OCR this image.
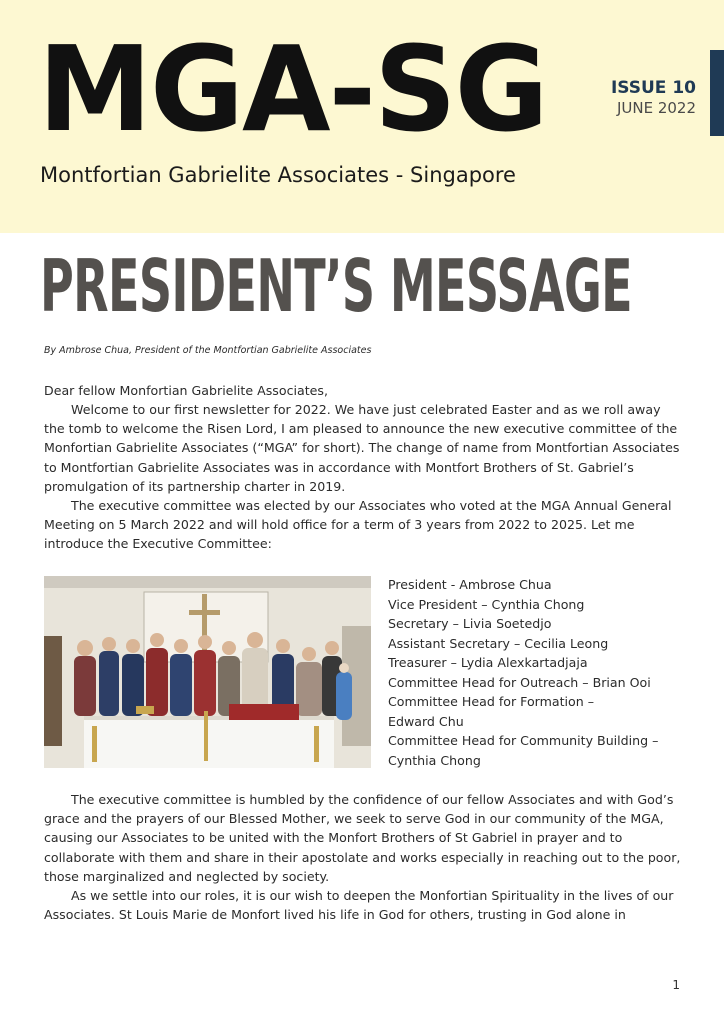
MGA-SG

Montfortian Gabrielite Associates - Singapore

ISSUE 10
JUNE 2022
PRESIDENT’S MESSAGE

By Ambrose Chua, President of the Montfortian Gabrielite Associates

Dear fellow Monfortian Gabrielite Associates,

Welcome to our first newsletter for 2022. We have just celebrated Easter and as we roll away the tomb to welcome the Risen Lord, I am pleased to announce the new executive committee of the Monfortian Gabrielite Associates (“MGA” for short). The change of name from Montfortian Associates to Montfortian Gabrielite Associates was in accordance with Montfort Brothers of St. Gabriel’s promulgation of its partnership charter in 2019.

The executive committee was elected by our Associates who voted at the MGA Annual General Meeting on 5 March 2022 and will hold office for a term of 3 years from 2022 to 2025. Let me introduce the Executive Committee:

President - Ambrose Chua
Vice President – Cynthia Chong
Secretary – Livia Soetedjo
Assistant Secretary – Cecilia Leong
Treasurer – Lydia Alexkartadjaja
Committee Head for Outreach – Brian Ooi
Committee Head for Formation –
Edward Chu
Committee Head for Community Building –
Cynthia Chong

The executive committee is humbled by the confidence of our fellow Associates and with God’s grace and the prayers of our Blessed Mother, we seek to serve God in our community of the MGA, causing our Associates to be united with the Monfort Brothers of St Gabriel in prayer and to collaborate with them and share in their apostolate and works especially in reaching out to the poor, those marginalized and neglected by society.

As we settle into our roles, it is our wish to deepen the Monfortian Spirituality in the lives of our Associates. St Louis Marie de Monfort lived his life in God for others, trusting in God alone in

1
